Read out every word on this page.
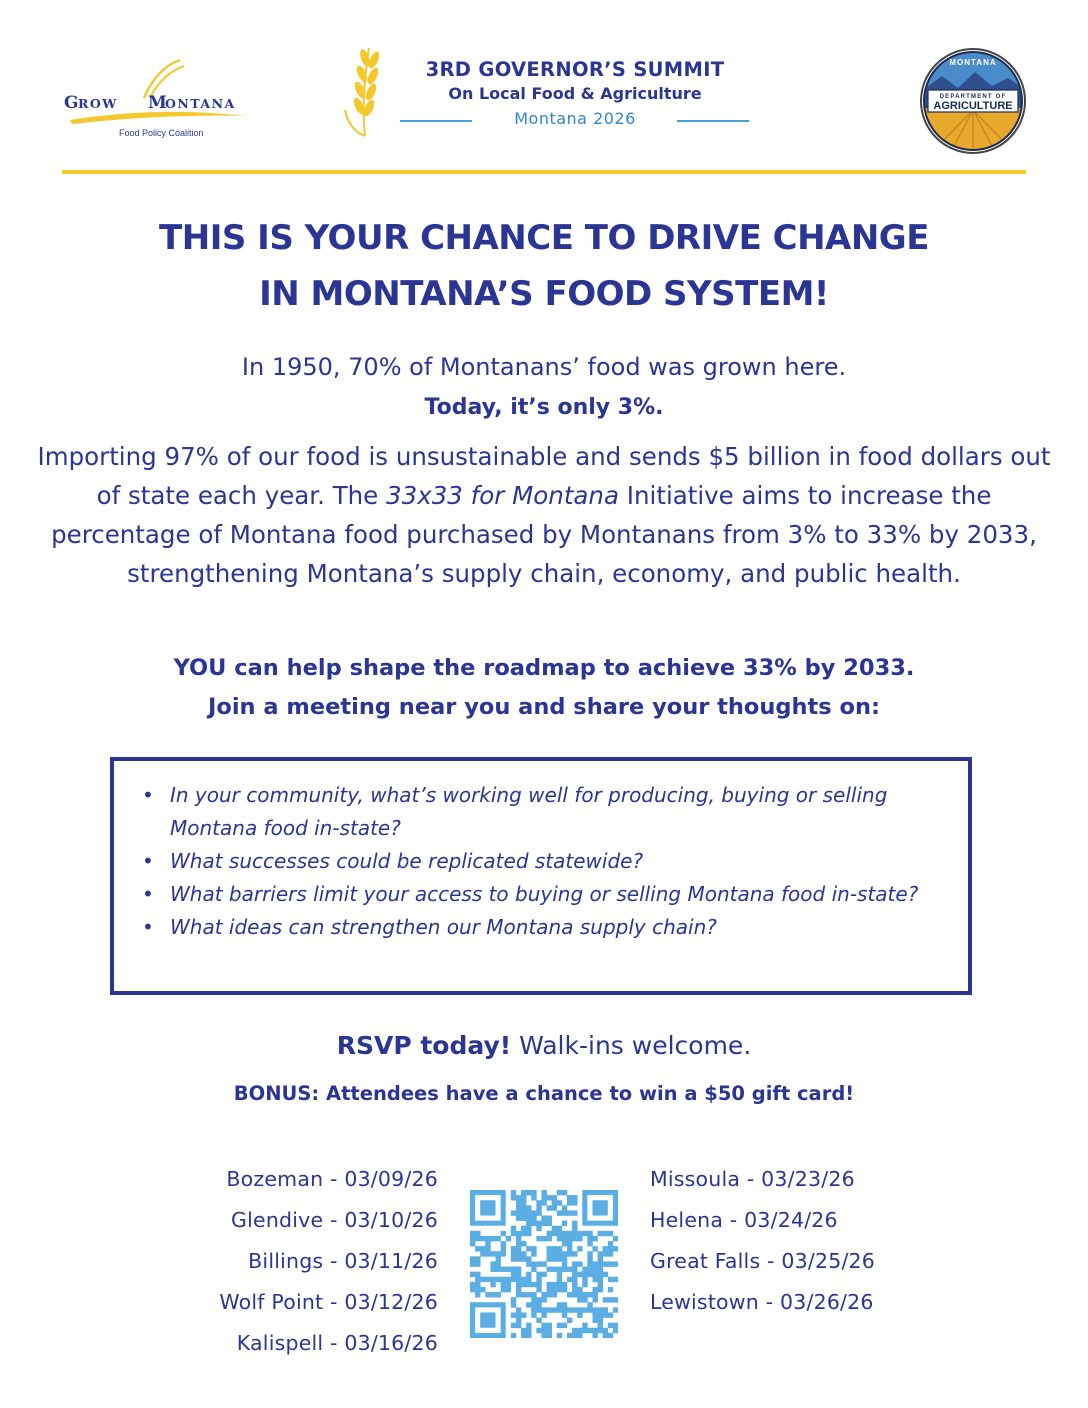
G
ROW M
ONTANA
Food Policy Coalition
3RD GOVERNOR’S SUMMIT
On Local Food & Agriculture
Montana 2026
MONTANA
DEPARTMENT OF
AGRICULTURE
THIS IS YOUR CHANCE TO DRIVE CHANGE
IN MONTANA’S FOOD SYSTEM!
In 1950, 70% of Montanans’ food was grown here.
Today, it’s only 3%.
Importing 97% of our food is unsustainable and sends $5 billion in food dollars out of state each year. The 33x33 for Montana Initiative aims to increase the percentage of Montana food purchased by Montanans from 3% to 33% by 2033, strengthening Montana’s supply chain, economy, and public health.
YOU can help shape the roadmap to achieve 33% by 2033.
Join a meeting near you and share your thoughts on:
• In your community, what’s working well for producing, buying or selling Montana food in-state?
• What successes could be replicated statewide?
• What barriers limit your access to buying or selling Montana food in-state?
• What ideas can strengthen our Montana supply chain?
RSVP today! Walk-ins welcome.
BONUS: Attendees have a chance to win a $50 gift card!
Bozeman - 03/09/26
Glendive - 03/10/26
Billings - 03/11/26
Wolf Point - 03/12/26
Kalispell - 03/16/26
Missoula - 03/23/26
Helena - 03/24/26
Great Falls - 03/25/26
Lewistown - 03/26/26
